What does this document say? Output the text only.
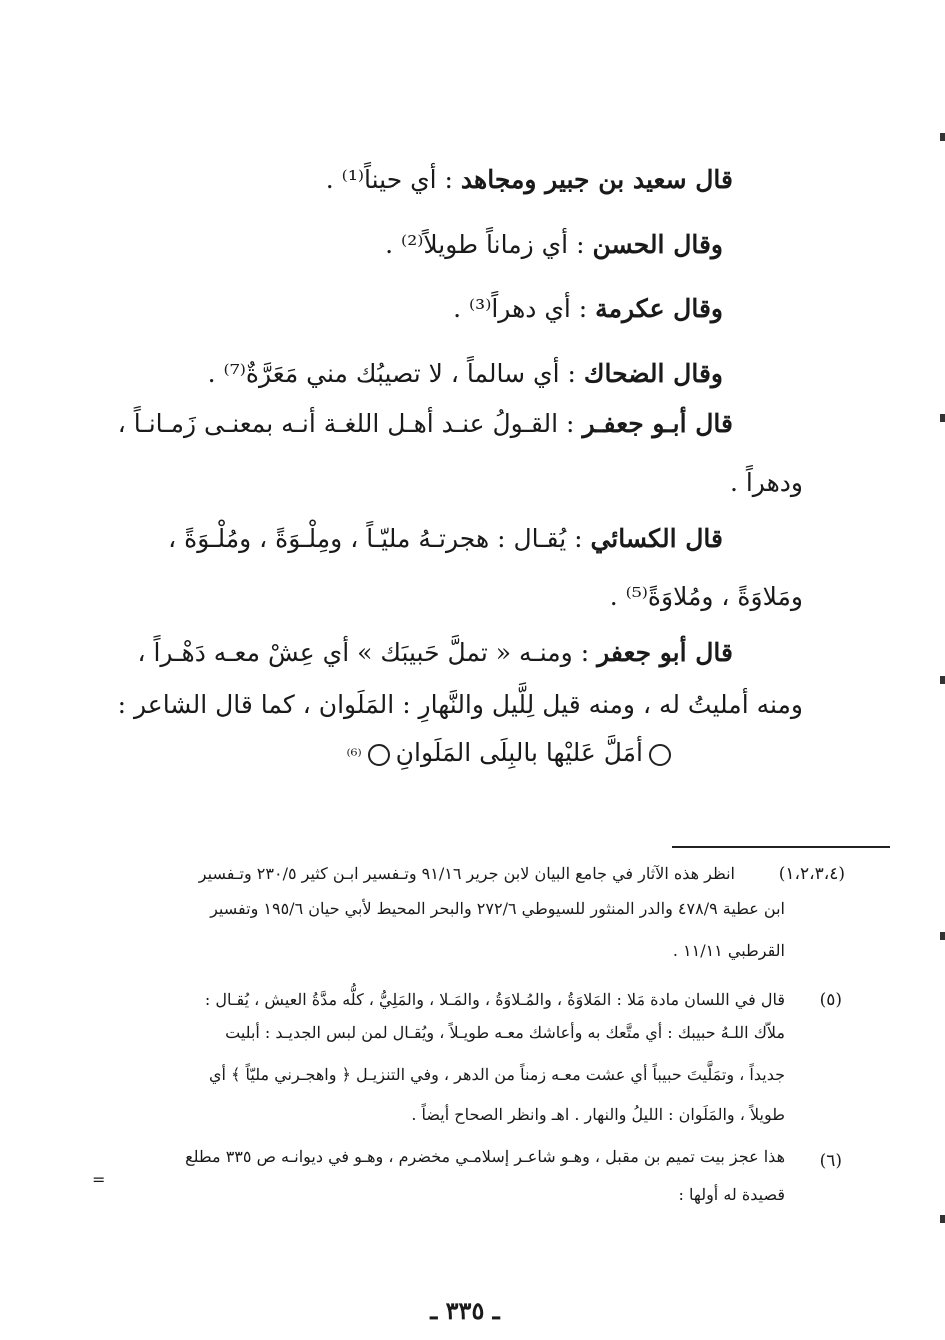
قال سعيد بن جبير ومجاهد : أي حيناً⁽¹⁾ .
وقال الحسن : أي زماناً طويلاً⁽²⁾ .
وقال عكرمة : أي دهراً⁽³⁾ .
وقال الضحاك : أي سالماً ، لا تصيبُك مني مَعَرَّةٌ⁽⁷⁾ .
قال أبـو جعفـر : القـولُ عنـد أهـل اللغـة أنـه بمعنـى زَمـانـاً ،
ودهراً .
قال الكسائي : يُقـال : هجرتـهُ مليّـاً ، ومِلْـوَةً ، ومُلْـوَةً ،
ومَلاوَةً ، ومُلاوَةً⁽⁵⁾ .
قال أبو جعفر : ومنـه « تملَّ حَبيبَك » أي عِشْ معـه دَهْـراً ،
ومنه أمليتُ له ، ومنه قيل لِلَّيل والنَّهارِ : المَلَوان ، كما قال الشاعر :
أمَلَّ عَليْها بالبِلَى المَلَوانِ⁽⁶⁾
(١،٢،٣،٤)
انظر هذه الآثار في جامع البيان لابن جرير ٩١/١٦ وتـفسير ابـن كثير ٢٣٠/٥ وتـفسير
ابن عطية ٤٧٨/٩ والدر المنثور للسيوطي ٢٧٢/٦ والبحر المحيط لأبي حيان ١٩٥/٦ وتفسير
القرطبي ١١/١١ .
(٥)
قال في اللسان مادة مَلا : المَلاوَةُ ، والمُـلاوَةُ ، والمَـلا ، والمَلِيُّ ، كلُّه مدَّةُ العيش ، يُقـال :
ملاّك اللـهُ حبيبك : أي متَّعك به وأعاشك معـه طويـلاً ، ويُقـال لمن لبس الجديـد : أبليت
جديداً ، وتمَلَّيتَ حبيباً أي عشت معـه زمناً من الدهر ، وفي التنزيـل ﴿ واهجـرني مليّاً ﴾ أي
طويلاً ، والمَلَوان : الليلُ والنهار . اهـ وانظر الصحاح أيضاً .
(٦)
هذا عجز بيت تميم بن مقبل ، وهـو شاعـر إسلامـي مخضرم ، وهـو في ديوانـه ص ٣٣٥ مطلع
=
قصيدة له أولها :
ـ ٣٣٥ ـ
